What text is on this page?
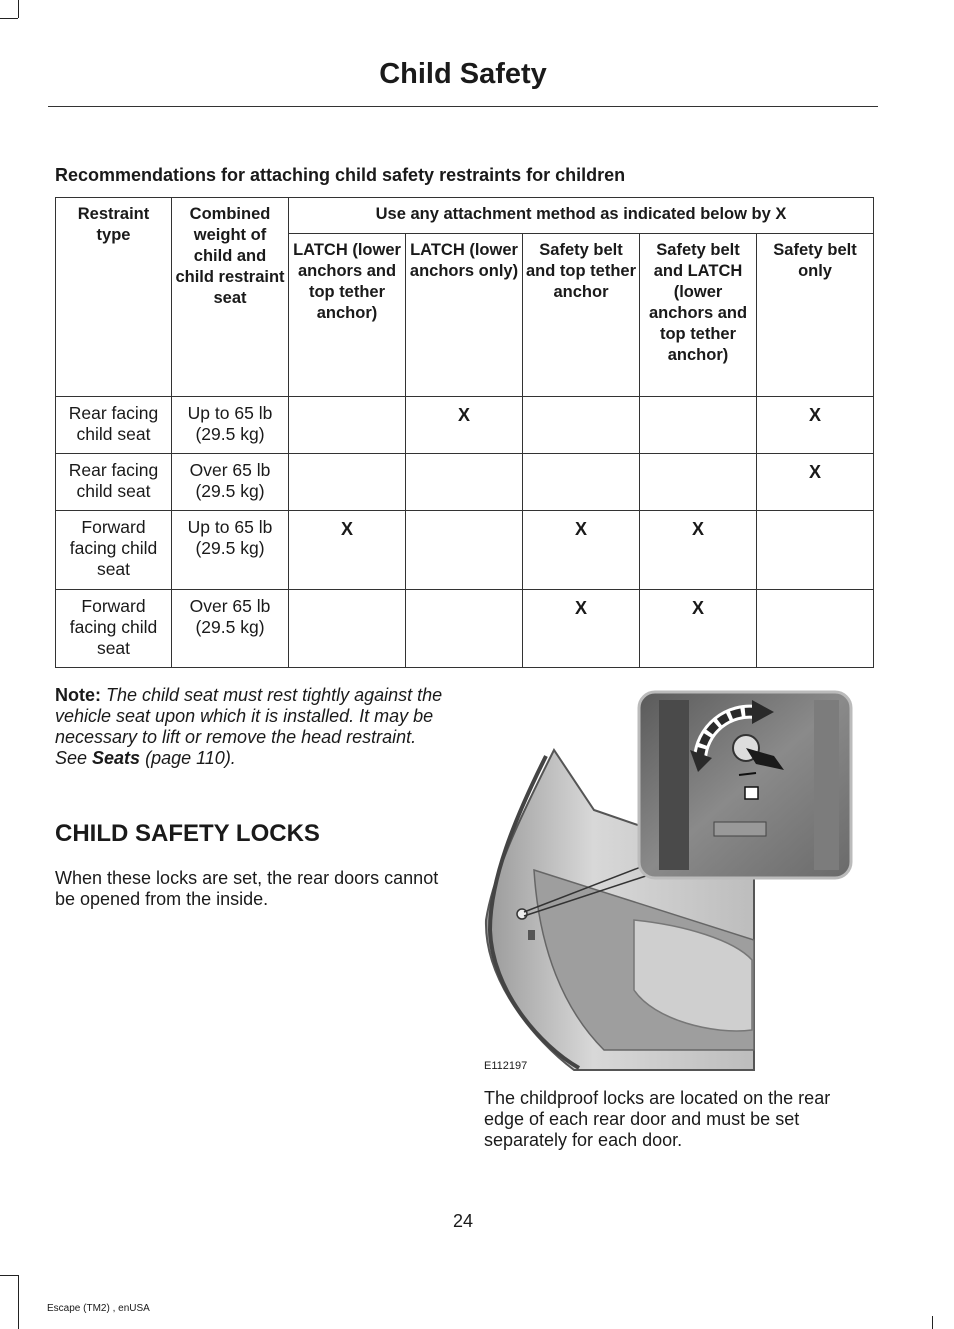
Child Safety
Recommendations for attaching child safety restraints for children
Restraint type	Combined weight of child and child restraint seat	Use any attachment method as indicated below by X				
		LATCH (lower anchors and top tether anchor)	LATCH (lower anchors only)	Safety belt and top tether anchor	Safety belt and LATCH (lower anchors and top tether anchor)	Safety belt only
Rear facing child seat	Up to 65 lb (29.5 kg)		X			X
Rear facing child seat	Over 65 lb (29.5 kg)					X
Forward facing child seat	Up to 65 lb (29.5 kg)	X		X	X	
Forward facing child seat	Over 65 lb (29.5 kg)			X	X	
Note: The child seat must rest tightly against the vehicle seat upon which it is installed. It may be necessary to lift or remove the head restraint. See Seats (page 110).
CHILD SAFETY LOCKS
When these locks are set, the rear doors cannot be opened from the inside.
E112197
The childproof locks are located on the rear edge of each rear door and must be set separately for each door.
24
Escape (TM2) , enUSA
